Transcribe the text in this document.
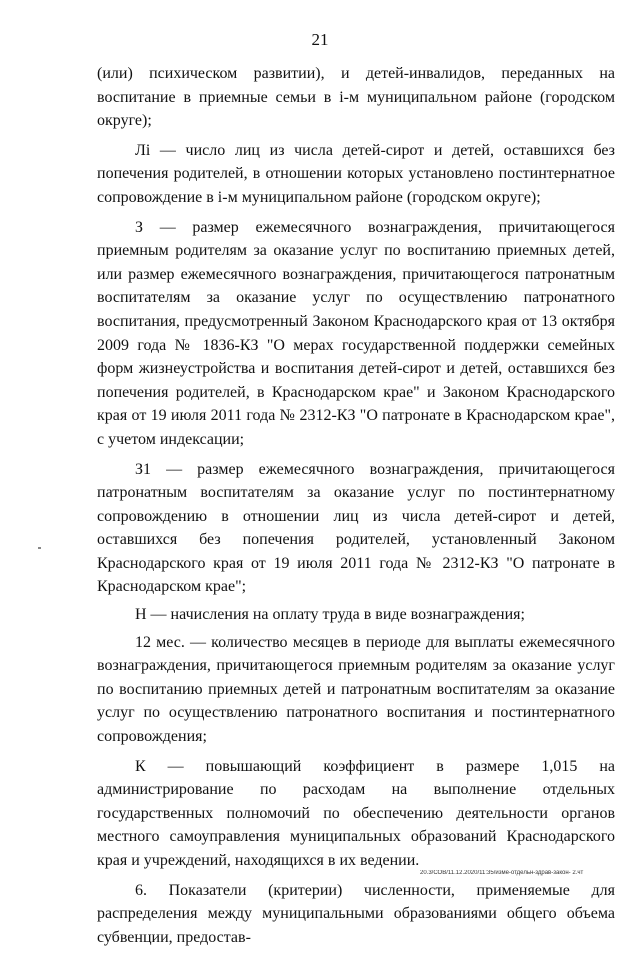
21

(или) психическом развитии), и детей-инвалидов, переданных на воспитание в приемные семьи в i-м муниципальном районе (городском округе);

Лi — число лиц из числа детей-сирот и детей, оставшихся без попечения родителей, в отношении которых установлено постинтернатное сопровождение в i-м муниципальном районе (городском округе);

З — размер ежемесячного вознаграждения, причитающегося приемным родителям за оказание услуг по воспитанию приемных детей, или размер ежемесячного вознаграждения, причитающегося патронатным воспитателям за оказание услуг по осуществлению патронатного воспитания, предусмотренный Законом Краснодарского края от 13 октября 2009 года № 1836-КЗ "О мерах государственной поддержки семейных форм жизнеустройства и воспитания детей-сирот и детей, оставшихся без попечения родителей, в Краснодарском крае" и Законом Краснодарского края от 19 июля 2011 года № 2312-КЗ "О патронате в Краснодарском крае", с учетом индексации;

З1 — размер ежемесячного вознаграждения, причитающегося патронатным воспитателям за оказание услуг по постинтернатному сопровождению в отношении лиц из числа детей-сирот и детей, оставшихся без попечения родителей, установленный Законом Краснодарского края от 19 июля 2011 года № 2312-КЗ "О патронате в Краснодарском крае";

Н — начисления на оплату труда в виде вознаграждения;

12 мес. — количество месяцев в периоде для выплаты ежемесячного вознаграждения, причитающегося приемным родителям за оказание услуг по воспитанию приемных детей и патронатным воспитателям за оказание услуг по осуществлению патронатного воспитания и постинтернатного сопровождения;

К — повышающий коэффициент в размере 1,015 на администрирование по расходам на выполнение отдельных государственных полномочий по обеспечению деятельности органов местного самоуправления муниципальных образований Краснодарского края и учреждений, находящихся в их ведении.

6. Показатели (критерии) численности, применяемые для распределения между муниципальными образованиями общего объема субвенции, предостав-

20.3/СОВ/11.12.2020/11:35/изме-отдельн-здрав-закон- 2.чт
